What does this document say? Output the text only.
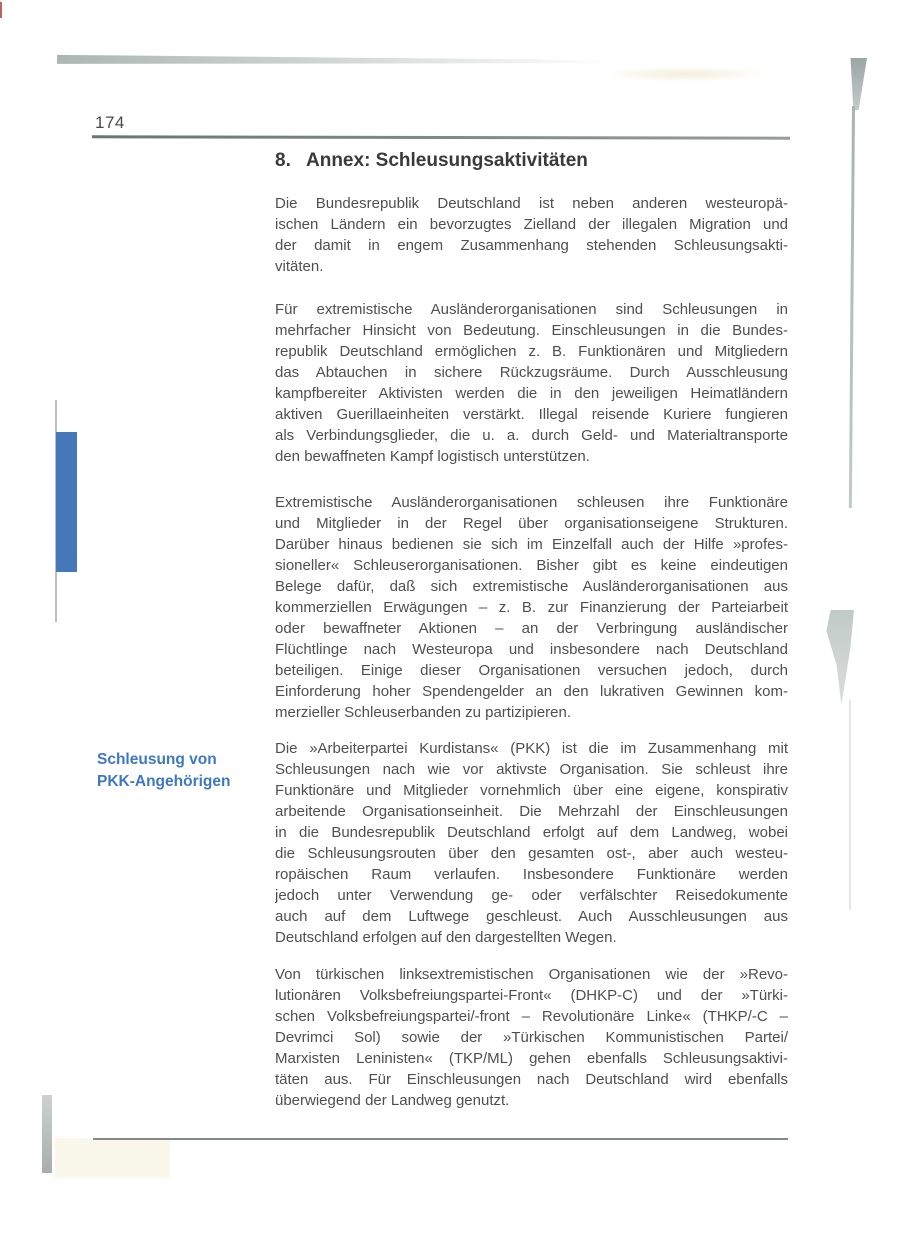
174
8. Annex: Schleusungsaktivitäten
Schleusung von
PKK-Angehörigen
Die Bundesrepublik Deutschland ist neben anderen westeuropä-
ischen Ländern ein bevorzugtes Zielland der illegalen Migration und
der damit in engem Zusammenhang stehenden Schleusungsakti-
vitäten.
Für extremistische Ausländerorganisationen sind Schleusungen in
mehrfacher Hinsicht von Bedeutung. Einschleusungen in die Bundes-
republik Deutschland ermöglichen z. B. Funktionären und Mitgliedern
das Abtauchen in sichere Rückzugsräume. Durch Ausschleusung
kampfbereiter Aktivisten werden die in den jeweiligen Heimatländern
aktiven Guerillaeinheiten verstärkt. Illegal reisende Kuriere fungieren
als Verbindungsglieder, die u. a. durch Geld- und Materialtransporte
den bewaffneten Kampf logistisch unterstützen.
Extremistische Ausländerorganisationen schleusen ihre Funktionäre
und Mitglieder in der Regel über organisationseigene Strukturen.
Darüber hinaus bedienen sie sich im Einzelfall auch der Hilfe »profes-
sioneller« Schleuserorganisationen. Bisher gibt es keine eindeutigen
Belege dafür, daß sich extremistische Ausländerorganisationen aus
kommerziellen Erwägungen – z. B. zur Finanzierung der Parteiarbeit
oder bewaffneter Aktionen – an der Verbringung ausländischer
Flüchtlinge nach Westeuropa und insbesondere nach Deutschland
beteiligen. Einige dieser Organisationen versuchen jedoch, durch
Einforderung hoher Spendengelder an den lukrativen Gewinnen kom-
merzieller Schleuserbanden zu partizipieren.
Die »Arbeiterpartei Kurdistans« (PKK) ist die im Zusammenhang mit
Schleusungen nach wie vor aktivste Organisation. Sie schleust ihre
Funktionäre und Mitglieder vornehmlich über eine eigene, konspirativ
arbeitende Organisationseinheit. Die Mehrzahl der Einschleusungen
in die Bundesrepublik Deutschland erfolgt auf dem Landweg, wobei
die Schleusungsrouten über den gesamten ost-, aber auch westeu-
ropäischen Raum verlaufen. Insbesondere Funktionäre werden
jedoch unter Verwendung ge- oder verfälschter Reisedokumente
auch auf dem Luftwege geschleust. Auch Ausschleusungen aus
Deutschland erfolgen auf den dargestellten Wegen.
Von türkischen linksextremistischen Organisationen wie der »Revo-
lutionären Volksbefreiungspartei-Front« (DHKP-C) und der »Türki-
schen Volksbefreiungspartei/-front – Revolutionäre Linke« (THKP/-C –
Devrimci Sol) sowie der »Türkischen Kommunistischen Partei/
Marxisten Leninisten« (TKP/ML) gehen ebenfalls Schleusungsaktivi-
täten aus. Für Einschleusungen nach Deutschland wird ebenfalls
überwiegend der Landweg genutzt.
